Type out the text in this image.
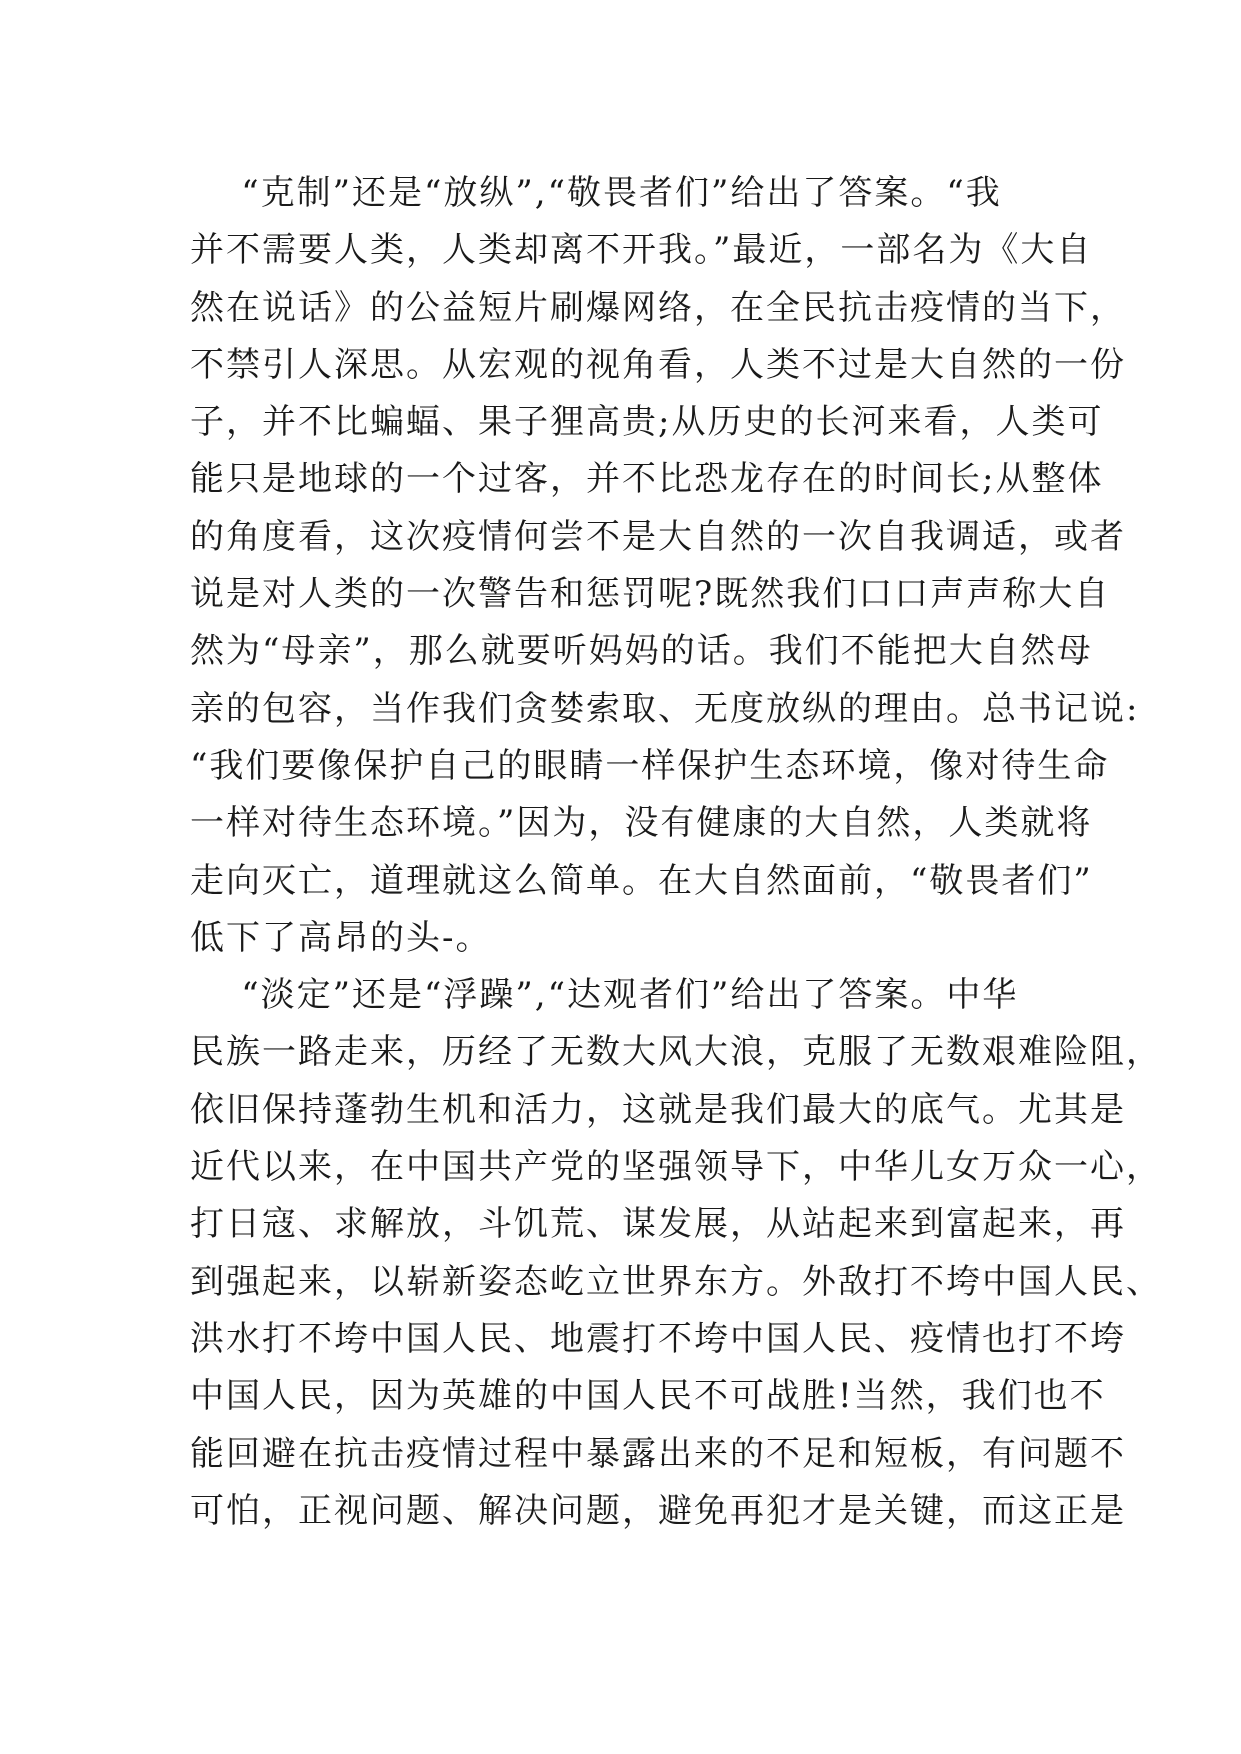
“克制”还是“放纵”,“敬畏者们”给出了答案。“我
并不需要人类，人类却离不开我。”最近，一部名为《大自
然在说话》的公益短片刷爆网络，在全民抗击疫情的当下，
不禁引人深思。从宏观的视角看，人类不过是大自然的一份
子，并不比蝙蝠、果子狸高贵;从历史的长河来看，人类可
能只是地球的一个过客，并不比恐龙存在的时间长;从整体
的角度看，这次疫情何尝不是大自然的一次自我调适，或者
说是对人类的一次警告和惩罚呢?既然我们口口声声称大自
然为“母亲”，那么就要听妈妈的话。我们不能把大自然母
亲的包容，当作我们贪婪索取、无度放纵的理由。总书记说:
“我们要像保护自己的眼睛一样保护生态环境，像对待生命
一样对待生态环境。”因为，没有健康的大自然，人类就将
走向灭亡，道理就这么简单。在大自然面前，“敬畏者们”
低下了高昂的头-。
“淡定”还是“浮躁”,“达观者们”给出了答案。中华
民族一路走来，历经了无数大风大浪，克服了无数艰难险阻，
依旧保持蓬勃生机和活力，这就是我们最大的底气。尤其是
近代以来，在中国共产党的坚强领导下，中华儿女万众一心，
打日寇、求解放，斗饥荒、谋发展，从站起来到富起来，再
到强起来，以崭新姿态屹立世界东方。外敌打不垮中国人民、
洪水打不垮中国人民、地震打不垮中国人民、疫情也打不垮
中国人民，因为英雄的中国人民不可战胜!当然，我们也不
能回避在抗击疫情过程中暴露出来的不足和短板，有问题不
可怕，正视问题、解决问题，避免再犯才是关键，而这正是
